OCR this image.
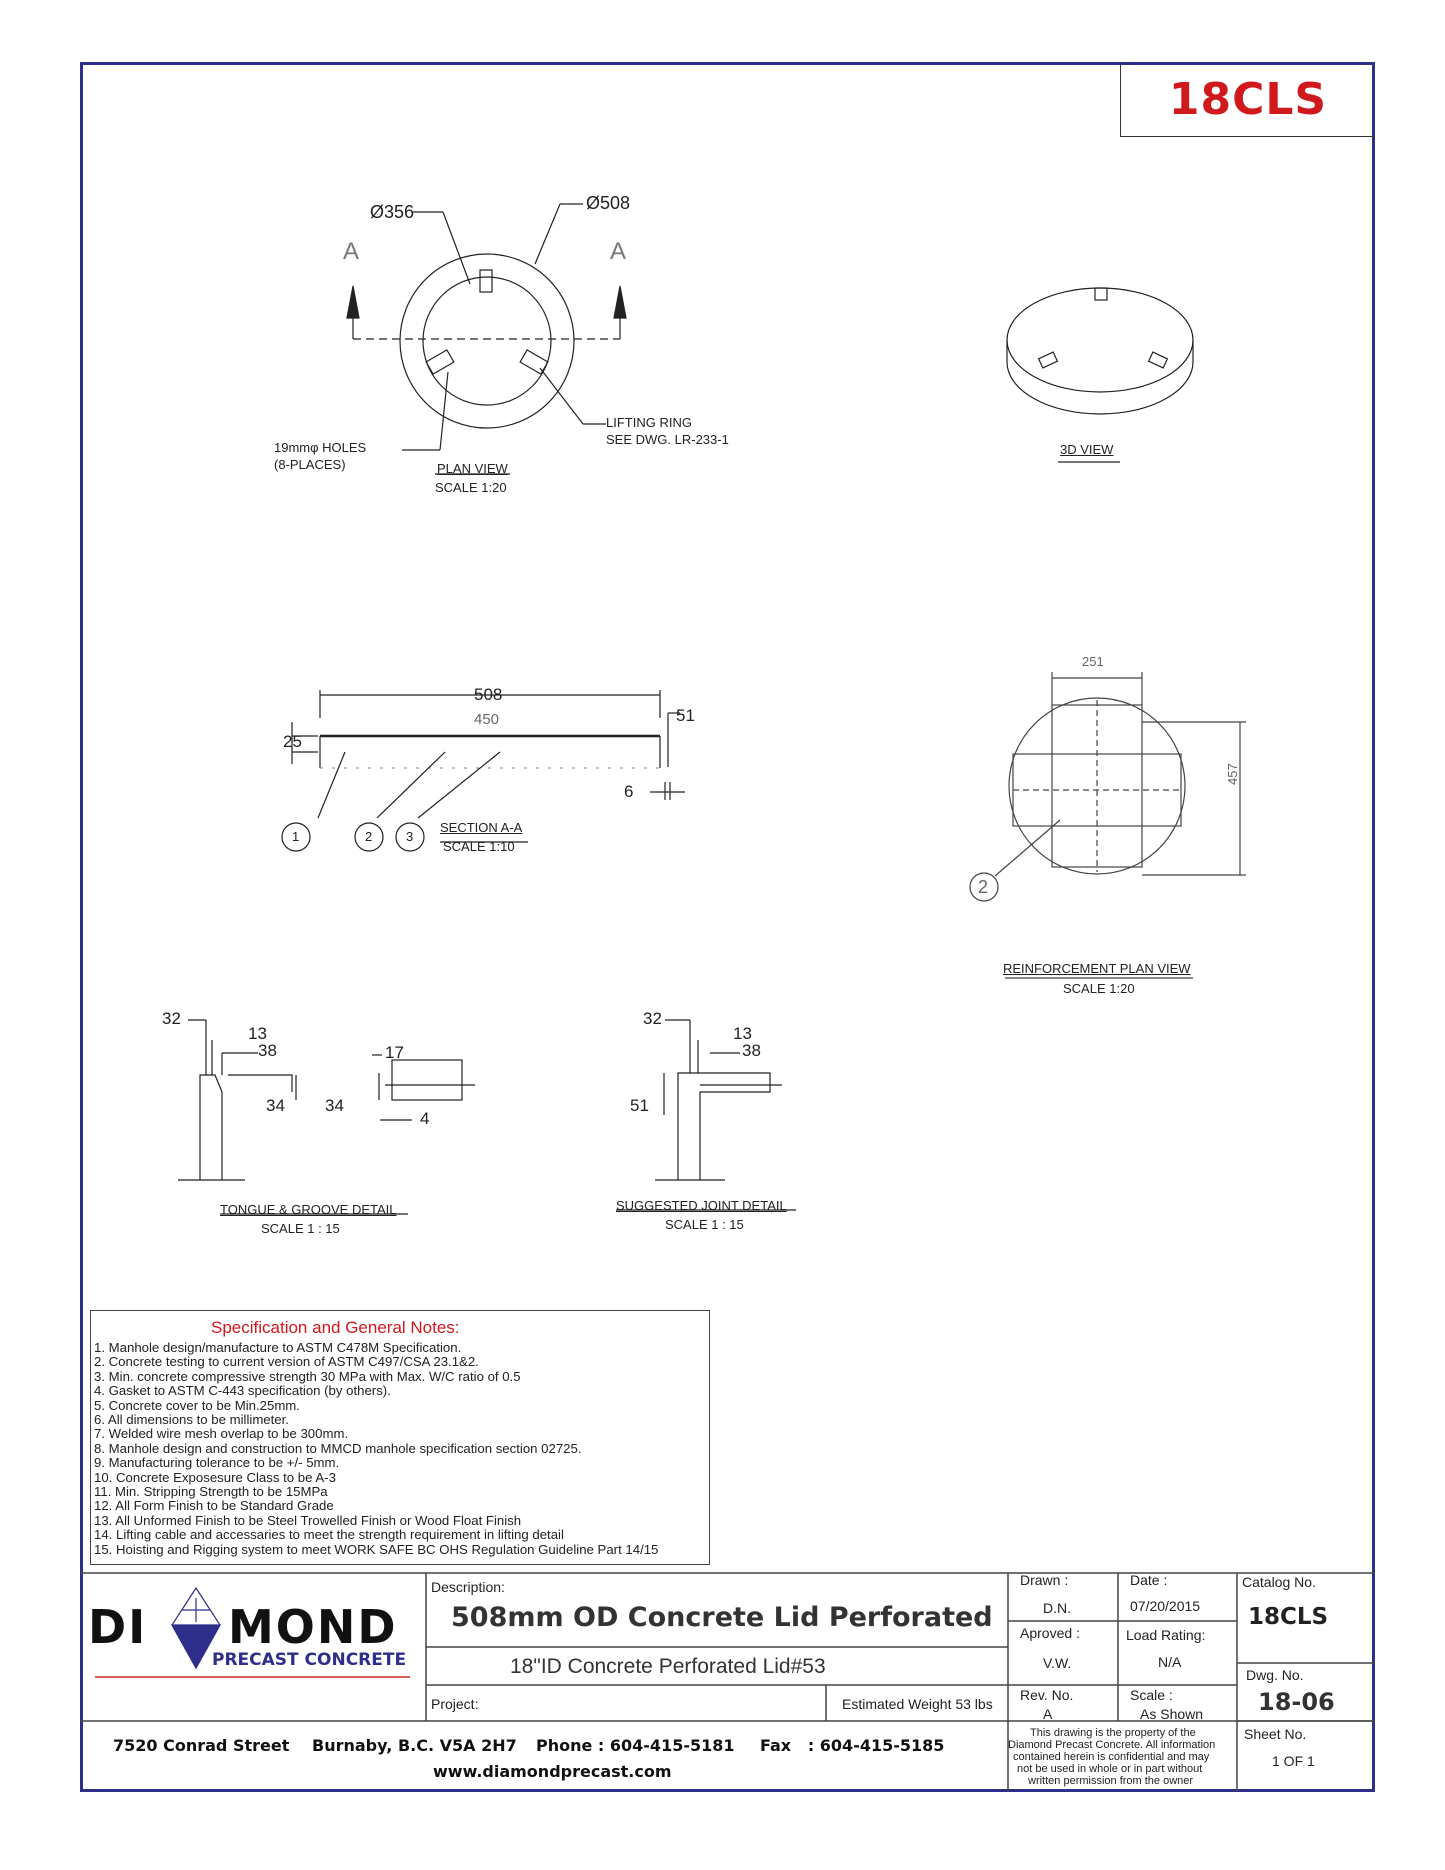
18CLS
Ø356	Ø508
A	A
19mmφ HOLES
(8-PLACES)
LIFTING RING
SEE DWG. LR-233-1
PLAN VIEW
SCALE 1:20
3D VIEW
508
450
25
51
6
1	2	3
SECTION A-A
SCALE 1:10
251
457
2
REINFORCEMENT PLAN VIEW
SCALE 1:20
32
13
38
34
17
34
4
TONGUE & GROOVE DETAIL
SCALE 1 : 15
32
13
38
51
SUGGESTED JOINT DETAIL
SCALE 1 : 15
Specification and General Notes:
1. Manhole design/manufacture to ASTM C478M Specification.
2. Concrete testing to current version of ASTM C497/CSA 23.1&2.
3. Min. concrete compressive strength 30 MPa with Max. W/C ratio of 0.5
4. Gasket to ASTM C-443 specification (by others).
5. Concrete cover to be Min.25mm.
6. All dimensions to be millimeter.
7. Welded wire mesh overlap to be 300mm.
8. Manhole design and construction to MMCD manhole specification section 02725.
9. Manufacturing tolerance to be +/- 5mm.
10. Concrete Exposesure Class to be A-3
11. Min. Stripping Strength to be 15MPa
12. All Form Finish to be Standard Grade
13. All Unformed Finish to be Steel Trowelled Finish or Wood Float Finish
14. Lifting cable and accessaries to meet the strength requirement in lifting detail
15. Hoisting and Rigging system to meet WORK SAFE BC OHS Regulation Guideline Part 14/15
DI MOND
PRECAST CONCRETE
Description:
508mm OD Concrete Lid Perforated
18"ID Concrete Perforated Lid#53
Project:	Estimated Weight 53 lbs
Drawn :
D.N.
Date :
07/20/2015
Aproved :
V.W.
Load Rating:
N/A
Rev. No.
A
Scale :
As Shown
Catalog No.
18CLS
Dwg. No.
18-06
Sheet No.
1 OF 1
This drawing is the property of the
Diamond Precast Concrete. All information
contained herein is confidential and may
not be used in whole or in part without
written permission from the owner
7520 Conrad Street Burnaby, B.C. V5A 2H7 Phone : 604-415-5181 Fax   : 604-415-5185
www.diamondprecast.com
